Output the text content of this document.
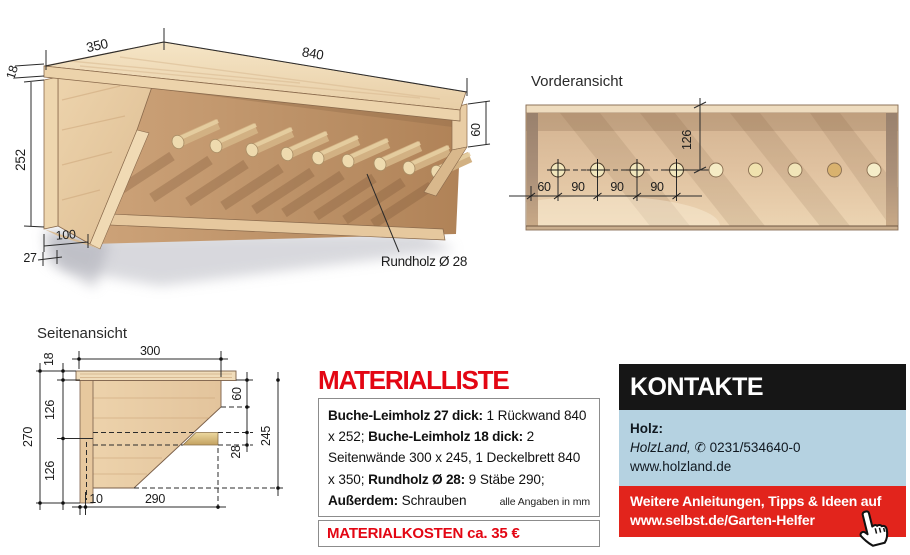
350	840
18
252
100
27
60
Rundholz Ø 28
Vorderansicht
126
60 90 90 90
Seitenansicht
300
18
126
126
270
60
28
245
10	290
MATERIALLISTE
Buche-Leimholz 27 dick: 1 Rückwand 840 x 252; Buche-Leimholz 18 dick: 2 Seitenwände 300 x 245, 1 Deckelbrett 840 x 350; Rundholz Ø 28: 9 Stäbe 290;
Außerdem: Schrauben	alle Angaben in mm
MATERIALKOSTEN ca. 35 €
KONTAKTE
Holz:
HolzLand, ✆ 0231/534640-0
www.holzland.de
Weitere Anleitungen, Tipps & Ideen auf
www.selbst.de/Garten-Helfer
